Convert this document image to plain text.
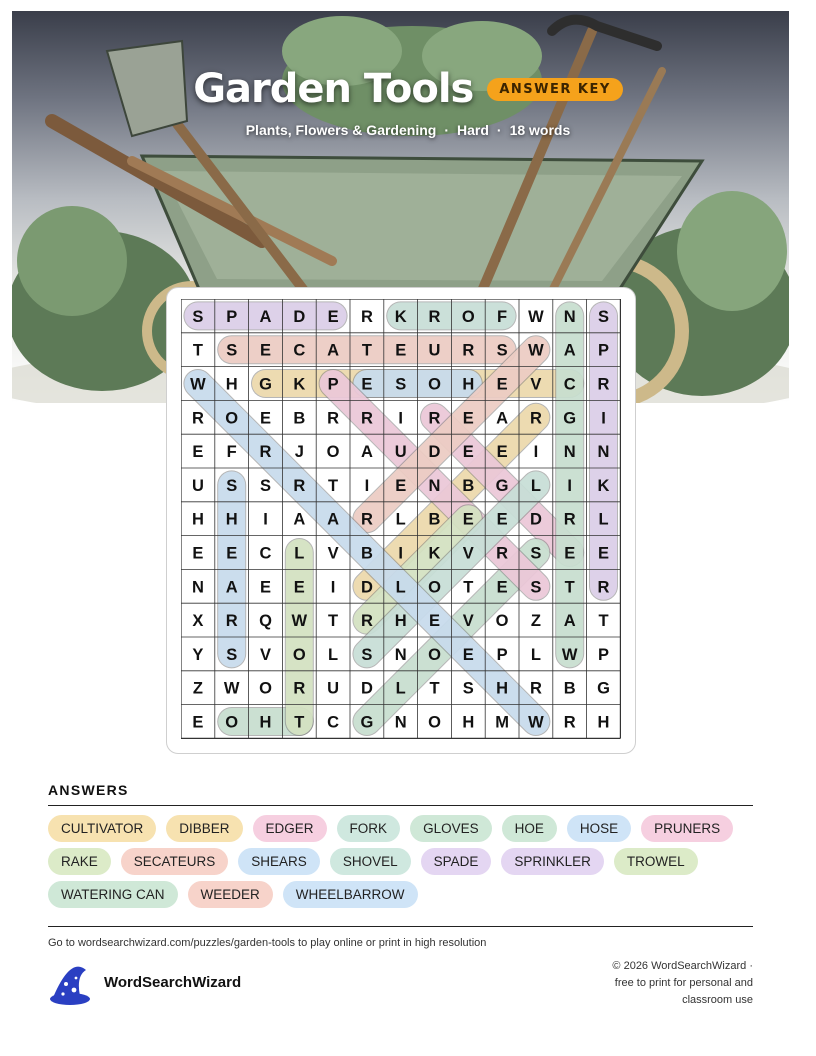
Garden Tools ANSWER KEY
Plants, Flowers & Gardening · Hard · 18 words
S P A D E R K R O F W N S
T S E C A T E U R S W A P
W H G K P E S O H E V C R
R O E B R R I R E A R G I
E F R J O A U D E E I N N
U S S R T I E N B G L I K
H H I A A R L B E E D R L
E E C L V B I K V R S E E
N A E E I D L O T E S T R
X R Q W T R H E V O Z A T
Y S V O L S N O E P L W P
Z W O R U D L T S H R B G
E O H T C G N O H M W R H
ANSWERS
CULTIVATOR	DIBBER	EDGER	FORK	GLOVES	HOE	HOSE	PRUNERSRAKE	SECATEURS	SHEARS	SHOVEL	SPADE	SPRINKLER	TROWELWATERING CAN	WEEDER	WHEELBARROW
Go to wordsearchwizard.com/puzzles/garden-tools to play online or print in high resolution
WordSearchWizard
© 2026 WordSearchWizard ·
free to print for personal and
classroom use
